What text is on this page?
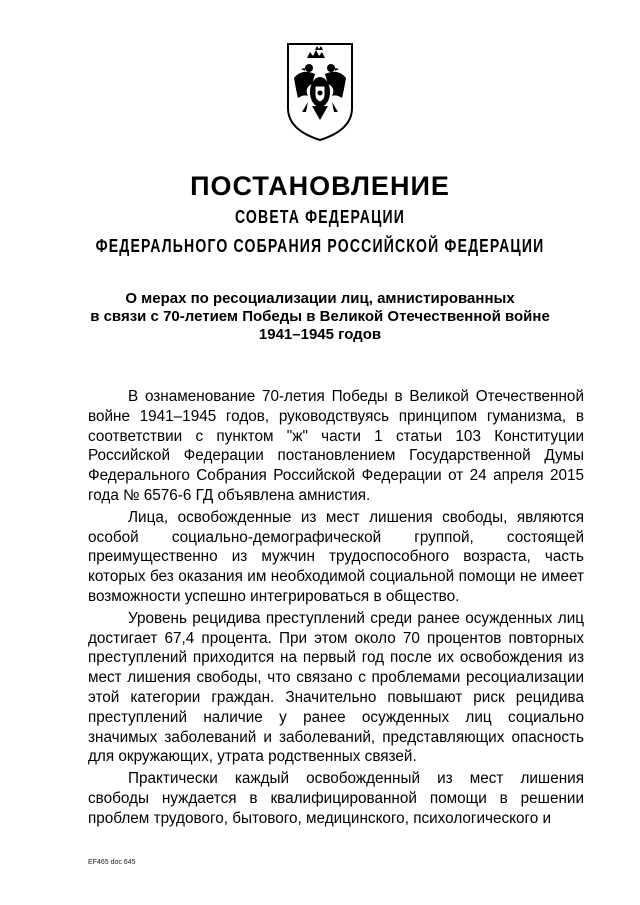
ПОСТАНОВЛЕНИЕ
СОВЕТА ФЕДЕРАЦИИ
ФЕДЕРАЛЬНОГО СОБРАНИЯ РОССИЙСКОЙ ФЕДЕРАЦИИ
О мерах по ресоциализации лиц, амнистированных
в связи с 70-летием Победы в Великой Отечественной войне
1941–1945 годов

В ознаменование 70-летия Победы в Великой Отечественной войне 1941–1945 годов, руководствуясь принципом гуманизма, в соответствии с пунктом "ж" части 1 статьи 103 Конституции Российской Федерации постановлением Государственной Думы Федерального Собрания Российской Федерации от 24 апреля 2015 года № 6576-6 ГД объявлена амнистия.

Лица, освобожденные из мест лишения свободы, являются особой социально-демографической группой, состоящей преимущественно из мужчин трудоспособного возраста, часть которых без оказания им необходимой социальной помощи не имеет возможности успешно интегрироваться в общество.

Уровень рецидива преступлений среди ранее осужденных лиц достигает 67,4 процента. При этом около 70 процентов повторных преступлений приходится на первый год после их освобождения из мест лишения свободы, что связано с проблемами ресоциализации этой категории граждан. Значительно повышают риск рецидива преступлений наличие у ранее осужденных лиц социально значимых заболеваний и заболеваний, представляющих опасность для окружающих, утрата родственных связей.

Практически каждый освобожденный из мест лишения свободы нуждается в квалифицированной помощи в решении проблем трудового, бытового, медицинского, психологического и

EF465 doc 645
